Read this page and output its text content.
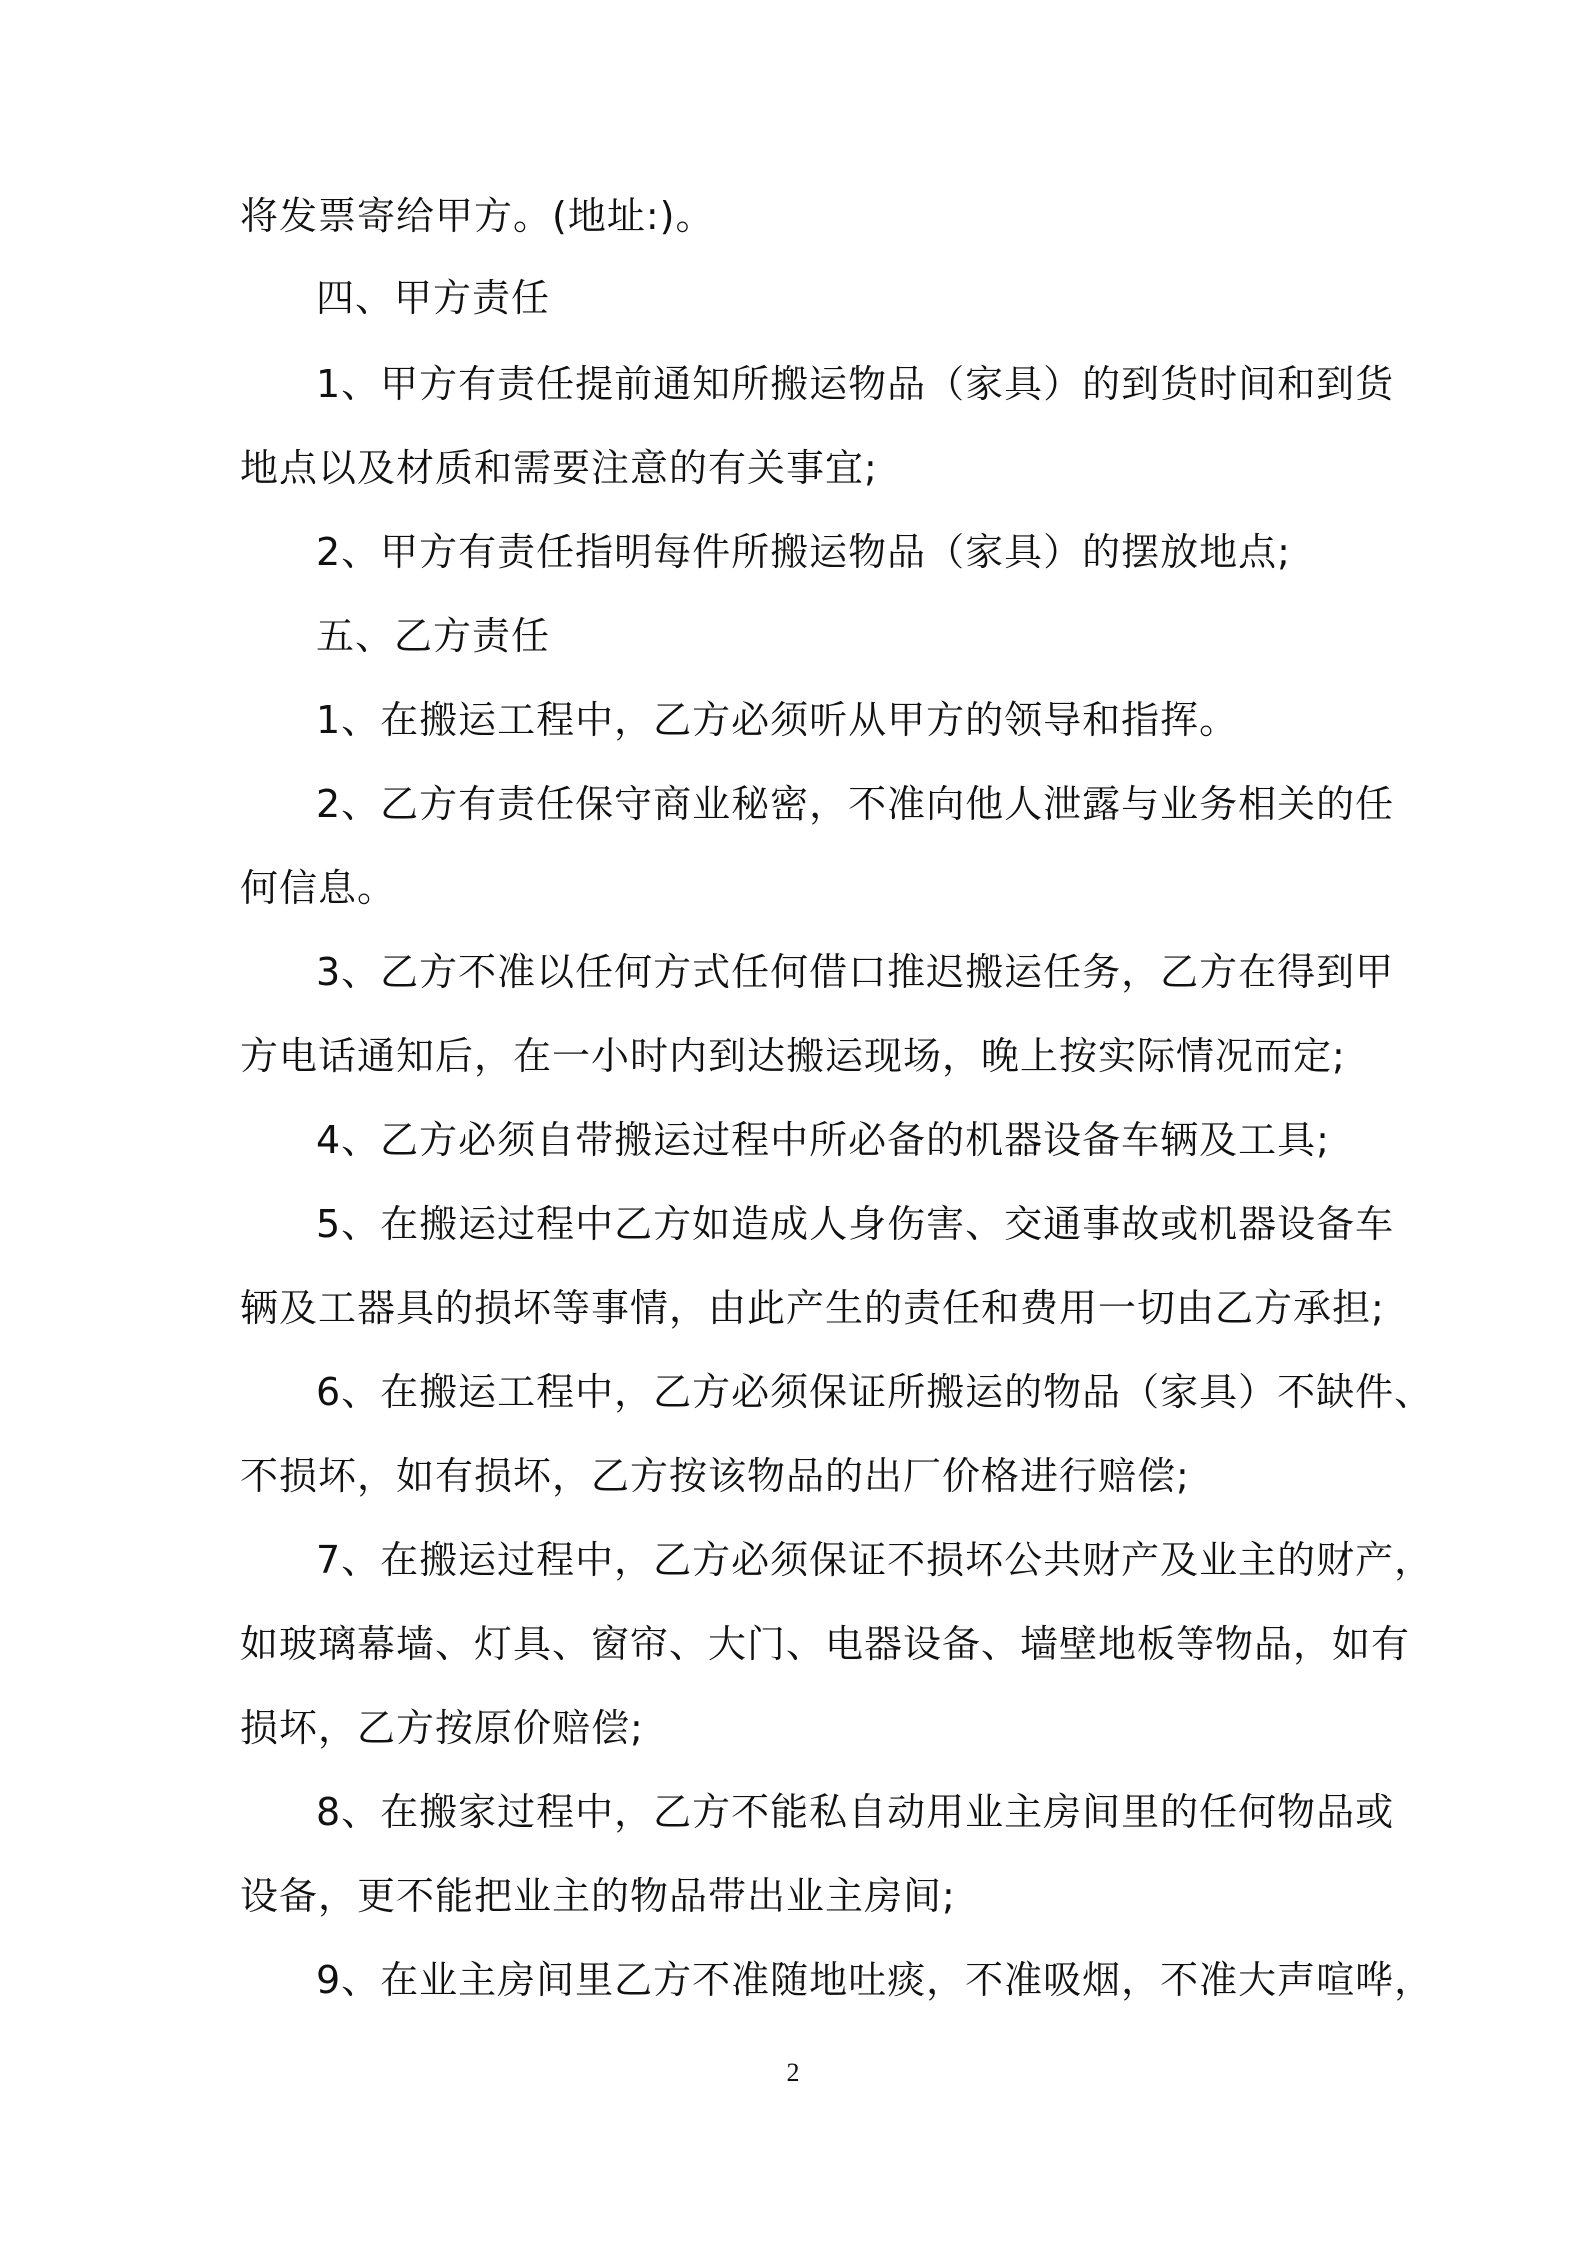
将发票寄给甲方。(地址:)。
四、甲方责任
1、甲方有责任提前通知所搬运物品（家具）的到货时间和到货
地点以及材质和需要注意的有关事宜;
2、甲方有责任指明每件所搬运物品（家具）的摆放地点;
五、乙方责任
1、在搬运工程中，乙方必须听从甲方的领导和指挥。
2、乙方有责任保守商业秘密，不准向他人泄露与业务相关的任
何信息。
3、乙方不准以任何方式任何借口推迟搬运任务，乙方在得到甲
方电话通知后，在一小时内到达搬运现场，晚上按实际情况而定;
4、乙方必须自带搬运过程中所必备的机器设备车辆及工具;
5、在搬运过程中乙方如造成人身伤害、交通事故或机器设备车
辆及工器具的损坏等事情，由此产生的责任和费用一切由乙方承担;
6、在搬运工程中，乙方必须保证所搬运的物品（家具）不缺件、
不损坏，如有损坏，乙方按该物品的出厂价格进行赔偿;
7、在搬运过程中，乙方必须保证不损坏公共财产及业主的财产，
如玻璃幕墙、灯具、窗帘、大门、电器设备、墙壁地板等物品，如有
损坏，乙方按原价赔偿;
8、在搬家过程中，乙方不能私自动用业主房间里的任何物品或
设备，更不能把业主的物品带出业主房间;
9、在业主房间里乙方不准随地吐痰，不准吸烟，不准大声喧哗，
2
